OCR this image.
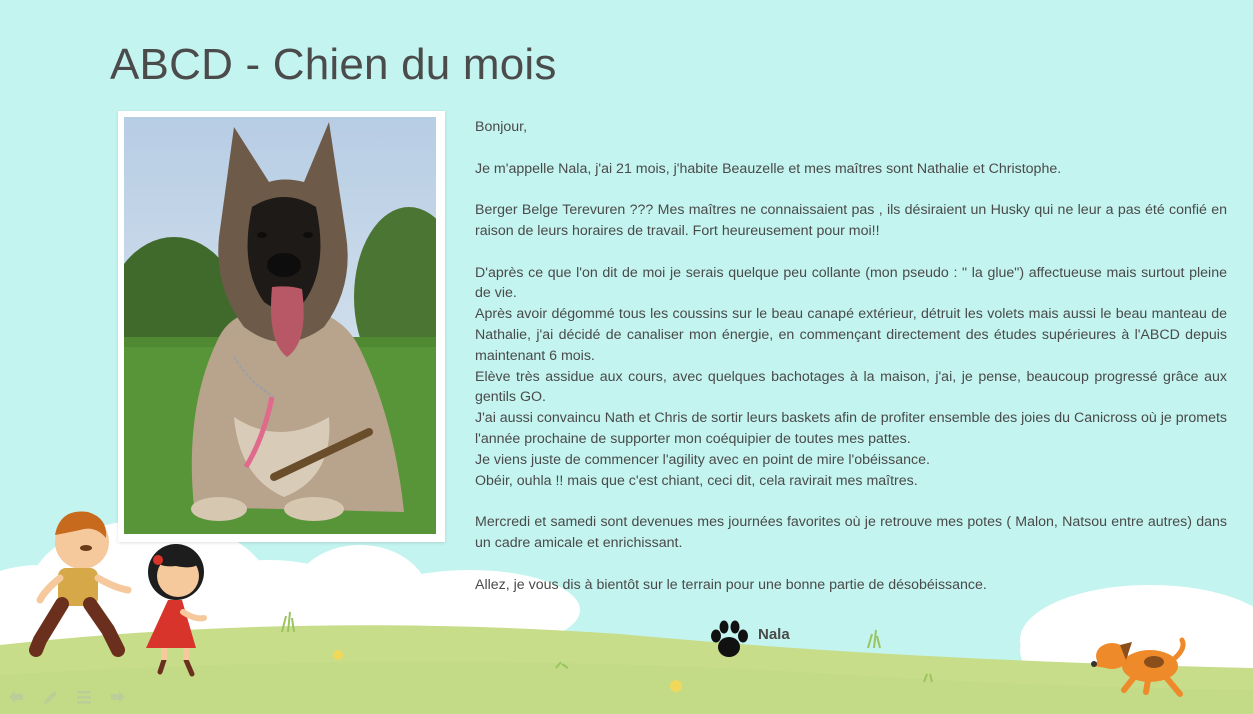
ABCD - Chien du mois

Bonjour,

Je m'appelle Nala, j'ai 21 mois, j'habite Beauzelle et mes maîtres sont Nathalie et Christophe.

Berger Belge Terevuren ??? Mes maîtres ne connaissaient pas , ils désiraient un Husky qui ne leur a pas été confié en raison de leurs horaires de travail. Fort heureusement pour moi!!

D'après ce que l'on dit de moi je serais quelque peu collante (mon pseudo : " la glue") affectueuse mais surtout pleine de vie.

Après avoir dégommé tous les coussins sur le beau canapé extérieur, détruit les volets mais aussi le beau manteau de Nathalie, j'ai décidé de canaliser mon énergie, en commençant directement des études supérieures à l'ABCD depuis maintenant 6 mois.

Elève très assidue aux cours, avec quelques bachotages à la maison, j'ai, je pense, beaucoup progressé grâce aux gentils GO.

J'ai aussi convaincu Nath et Chris de sortir leurs baskets afin de profiter ensemble des joies du Canicross où je promets l'année prochaine de supporter mon coéquipier de toutes mes pattes.

Je viens juste de commencer l'agility avec en point de mire l'obéissance.

Obéir, ouhla !! mais que c'est chiant, ceci dit, cela ravirait mes maîtres.

Mercredi et samedi sont devenues mes journées favorites où je retrouve mes potes ( Malon, Natsou entre autres) dans un cadre amicale et enrichissant.

Allez, je vous dis à bientôt sur le terrain pour une bonne partie de désobéissance.

Nala
